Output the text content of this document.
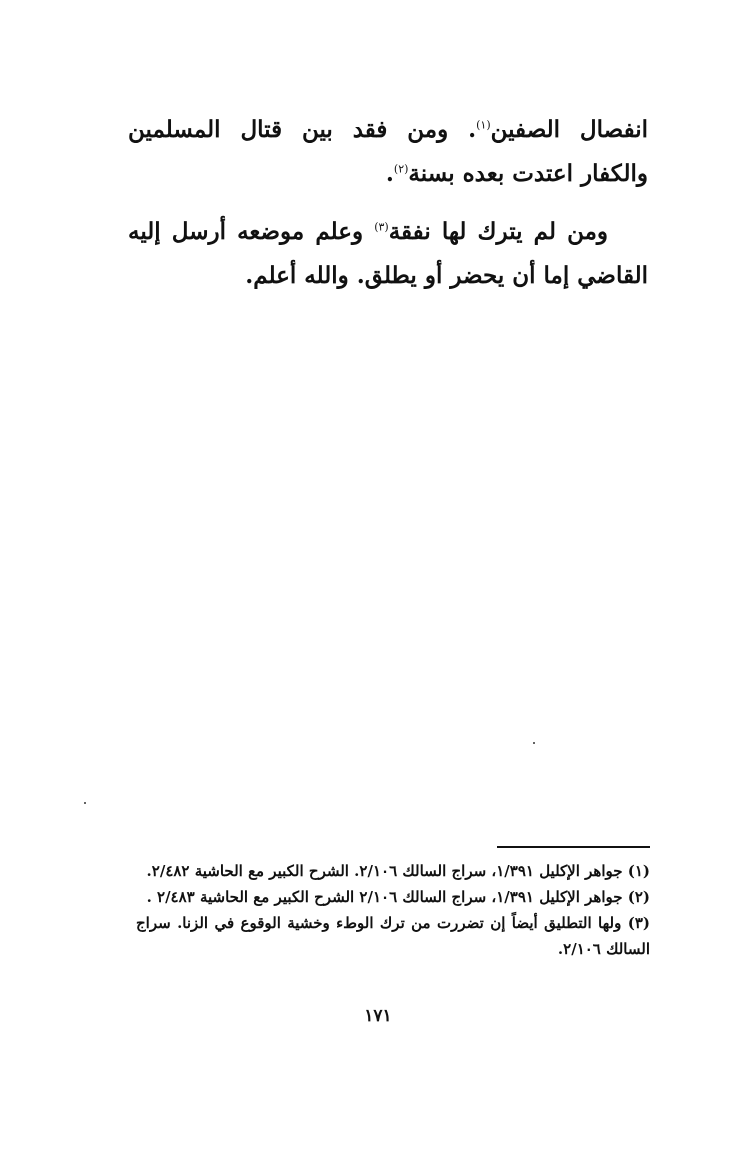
انفصال الصفين$^{(١)}$. ومن فقد بين قتال المسلمين والكفار اعتدت بعده بسنة$^{(٢)}$.

ومن لم يترك لها نفقة$^{(٣)}$ وعلم موضعه أرسل إليه القاضي إما أن يحضر أو يطلق. والله أعلم.

(١) جواهر الإكليل ١/٣٩١، سراج السالك ٢/١٠٦. الشرح الكبير مع الحاشية ٢/٤٨٢.

(٢) جواهر الإكليل ١/٣٩١، سراج السالك ٢/١٠٦ الشرح الكبير مع الحاشية ٢/٤٨٣ .

(٣) ولها التطليق أيضاً إن تضررت من ترك الوطء وخشية الوقوع في الزنا. سراج السالك ٢/١٠٦.

١٧١
